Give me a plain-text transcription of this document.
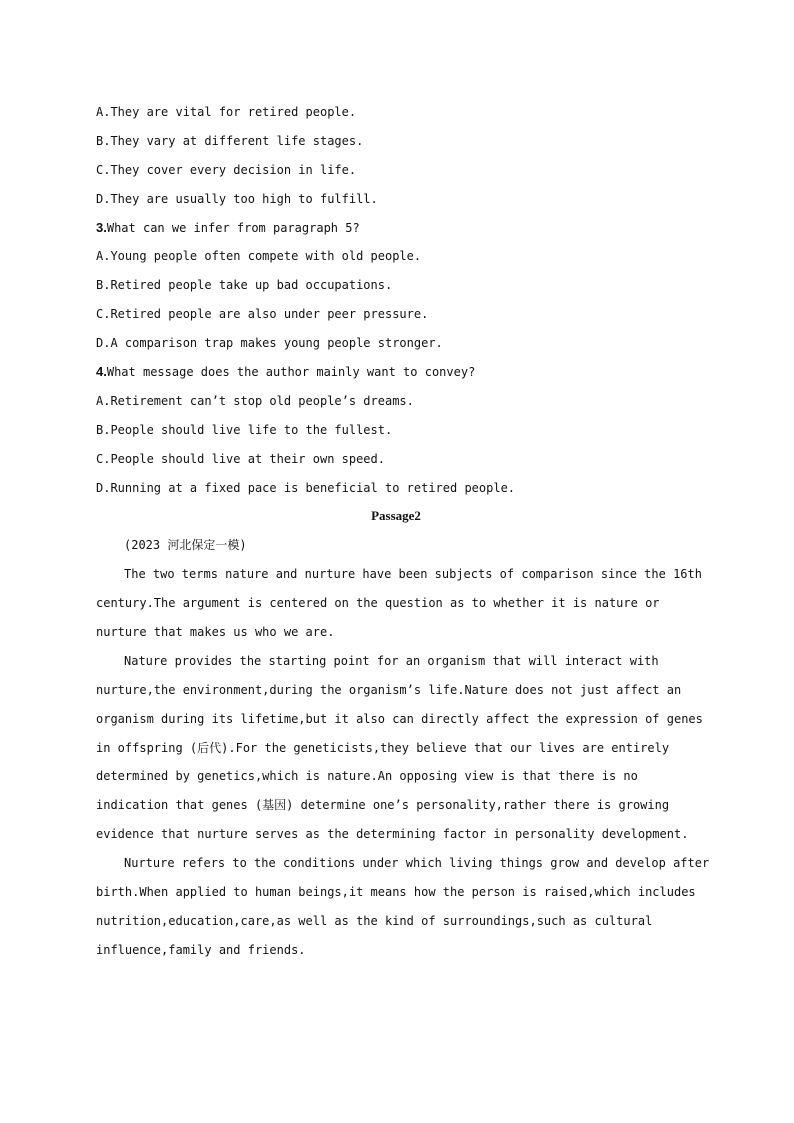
A.They are vital for retired people.
B.They vary at different life stages.
C.They cover every decision in life.
D.They are usually too high to fulfill.
3.What can we infer from paragraph 5?
A.Young people often compete with old people.
B.Retired people take up bad occupations.
C.Retired people are also under peer pressure.
D.A comparison trap makes young people stronger.
4.What message does the author mainly want to convey?
A.Retirement can’t stop old people’s dreams.
B.People should live life to the fullest.
C.People should live at their own speed.
D.Running at a fixed pace is beneficial to retired people.
Passage2
(2023 河北保定一模)
The two terms nature and nurture have been subjects of comparison since the 16th
century.The argument is centered on the question as to whether it is nature or
nurture that makes us who we are.
Nature provides the starting point for an organism that will interact with
nurture,the environment,during the organism’s life.Nature does not just affect an
organism during its lifetime,but it also can directly affect the expression of genes
in offspring (后代).For the geneticists,they believe that our lives are entirely
determined by genetics,which is nature.An opposing view is that there is no
indication that genes (基因) determine one’s personality,rather there is growing
evidence that nurture serves as the determining factor in personality development.
Nurture refers to the conditions under which living things grow and develop after
birth.When applied to human beings,it means how the person is raised,which includes
nutrition,education,care,as well as the kind of surroundings,such as cultural
influence,family and friends.
